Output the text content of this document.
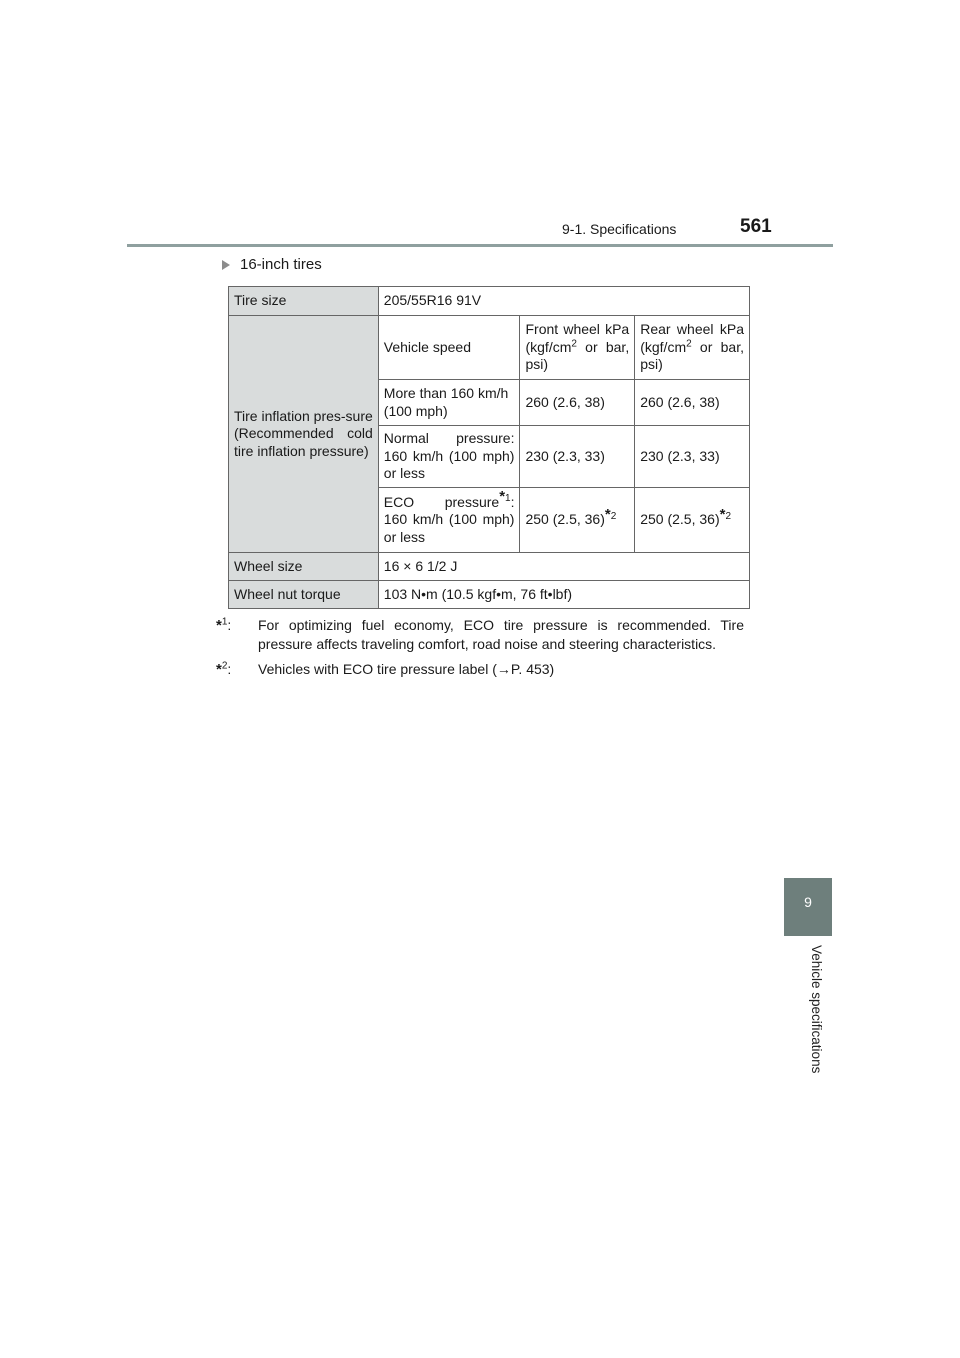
9-1. Specifications	561
9
Vehicle specifications
16-inch tires
Tire size	205/55R16 91V		
Tire inflation pres-sure (Recommended cold tire inflation pressure)	Vehicle speed	Front wheel kPa ($kgf/cm^2$ or bar, psi)	Rear wheel kPa ($kgf/cm^2$ or bar, psi)
	More than 160 km/h (100 mph)	260 (2.6, 38)	260 (2.6, 38)
	Normal pressure: 160 km/h (100 mph) or less	230 (2.3, 33)	230 (2.3, 33)
	ECO pressure$^{*1}$: 160 km/h (100 mph) or less	250 (2.5, 36)$^{*2}$	250 (2.5, 36)$^{*2}$
Wheel size	16 × 6 1/2 J		
Wheel nut torque	103 N•m (10.5 kgf•m, 76 ft•lbf)		
*$^1$: For optimizing fuel economy, ECO tire pressure is recommended. Tire pressure affects traveling comfort, road noise and steering characteristics.
*$^2$: Vehicles with ECO tire pressure label (→P. 453)
